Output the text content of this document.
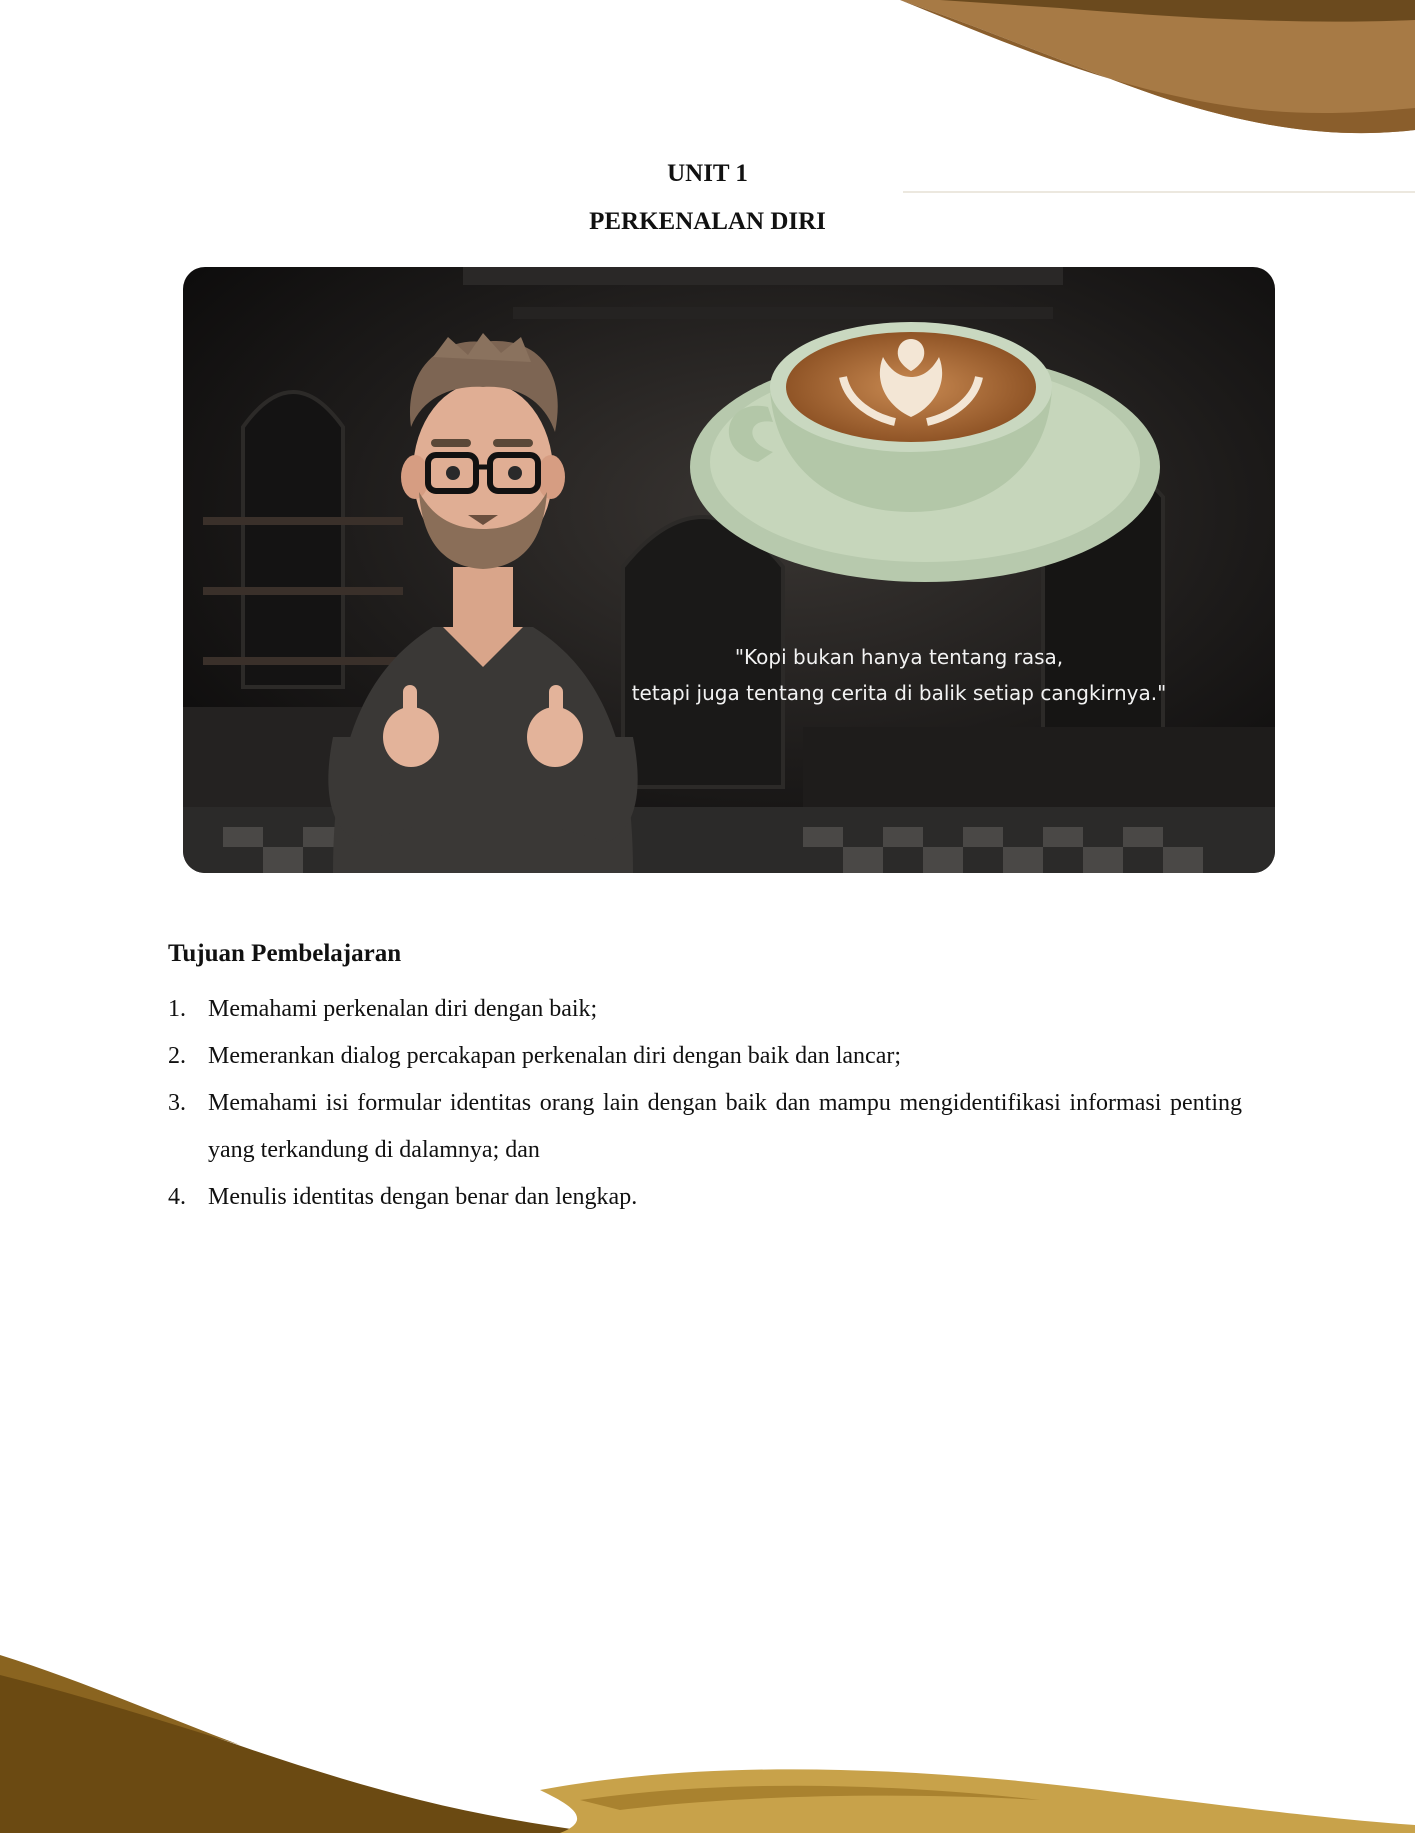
UNIT 1
PERKENALAN DIRI
"Kopi bukan hanya tentang rasa,
tetapi juga tentang cerita di balik setiap cangkirnya."
Tujuan Pembelajaran
1. Memahami perkenalan diri dengan baik;
2. Memerankan dialog percakapan perkenalan diri dengan baik dan lancar;
3. Memahami isi formular identitas orang lain dengan baik dan mampu mengidentifikasi informasi penting yang terkandung di dalamnya; dan
4. Menulis identitas dengan benar dan lengkap.
